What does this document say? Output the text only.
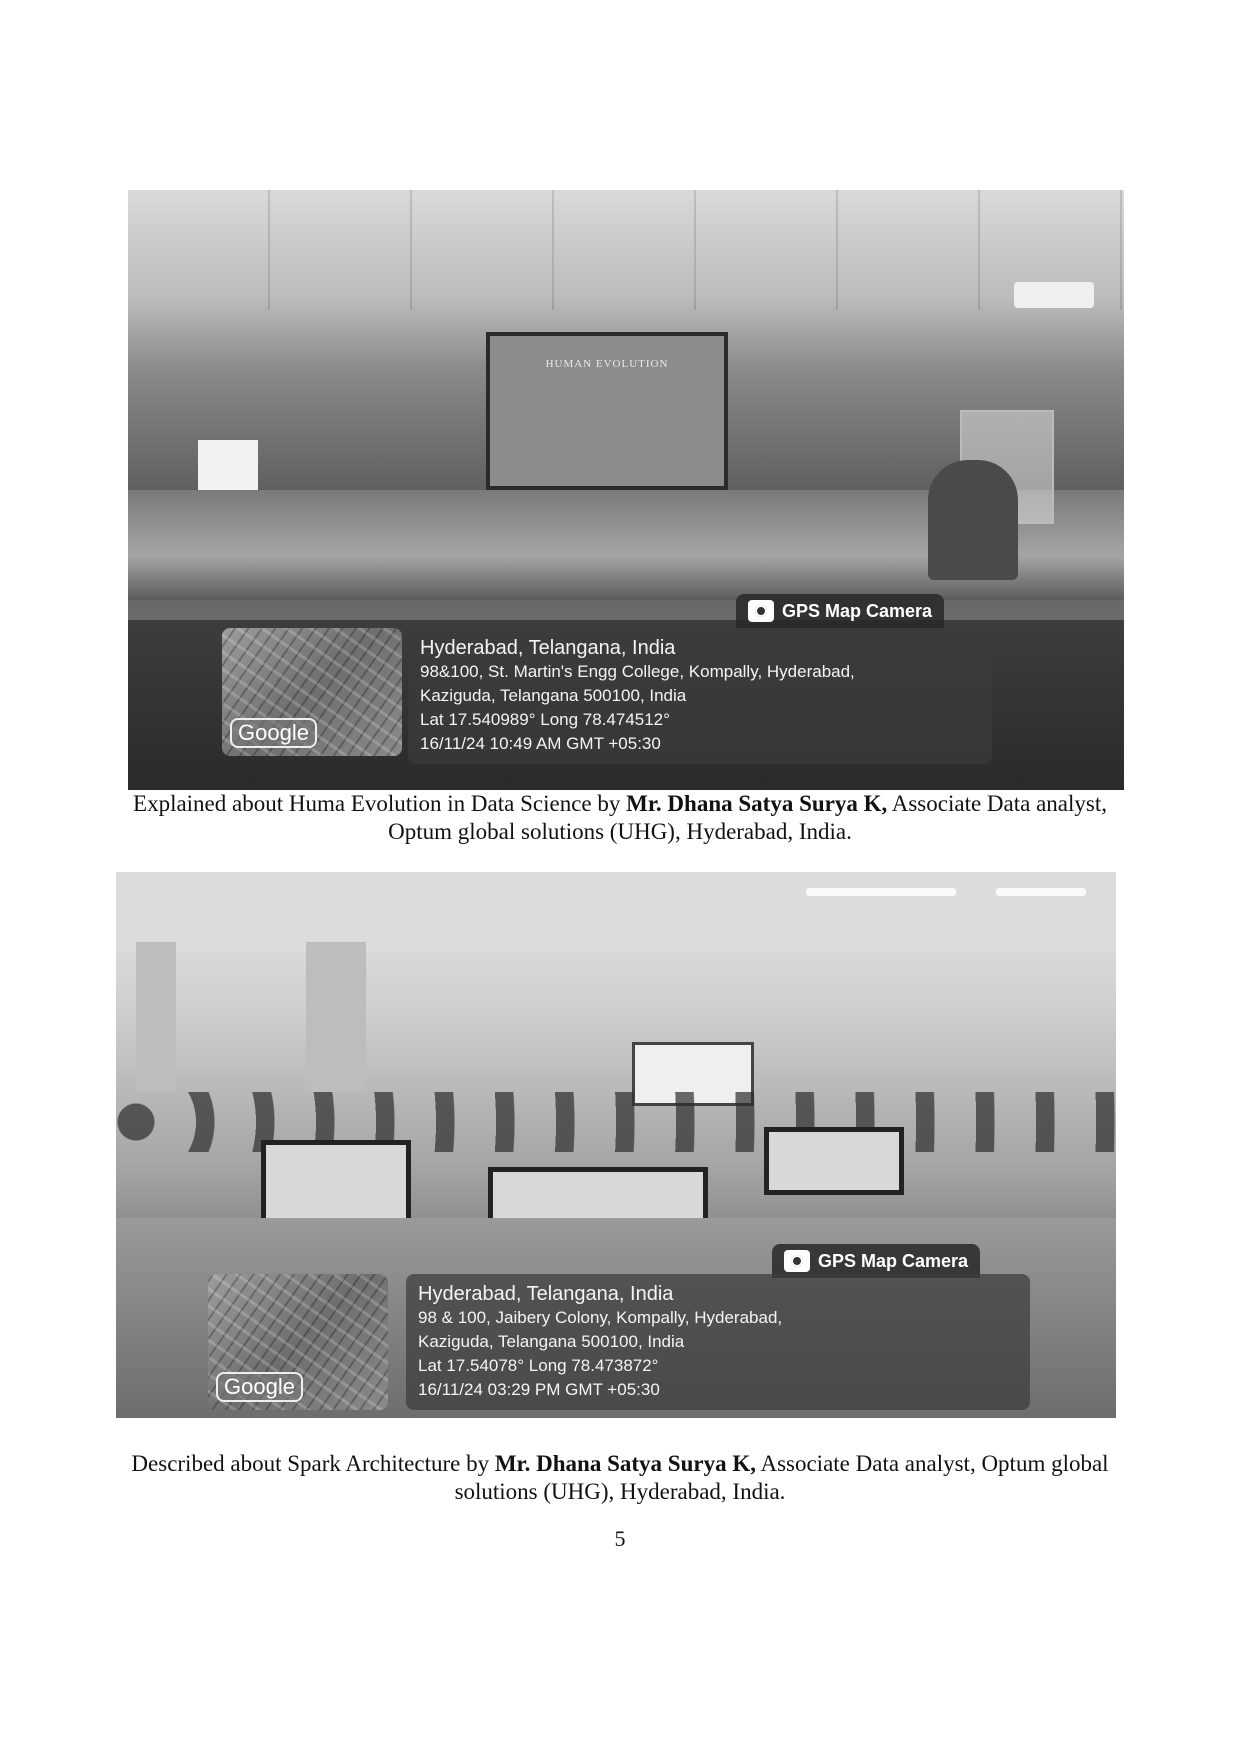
HUMAN EVOLUTION
GPS Map Camera
Google
Hyderabad, Telangana, India
98&100, St. Martin's Engg College, Kompally, Hyderabad,
Kaziguda, Telangana 500100, India
Lat 17.540989° Long 78.474512°
16/11/24 10:49 AM GMT +05:30
Explained about Huma Evolution in Data Science by Mr. Dhana Satya Surya K, Associate Data analyst,
Optum global solutions (UHG), Hyderabad, India.
GPS Map Camera
Google
Hyderabad, Telangana, India
98 & 100, Jaibery Colony, Kompally, Hyderabad,
Kaziguda, Telangana 500100, India
Lat 17.54078° Long 78.473872°
16/11/24 03:29 PM GMT +05:30
Described about Spark Architecture by Mr. Dhana Satya Surya K, Associate Data analyst, Optum global
solutions (UHG), Hyderabad, India.
5
